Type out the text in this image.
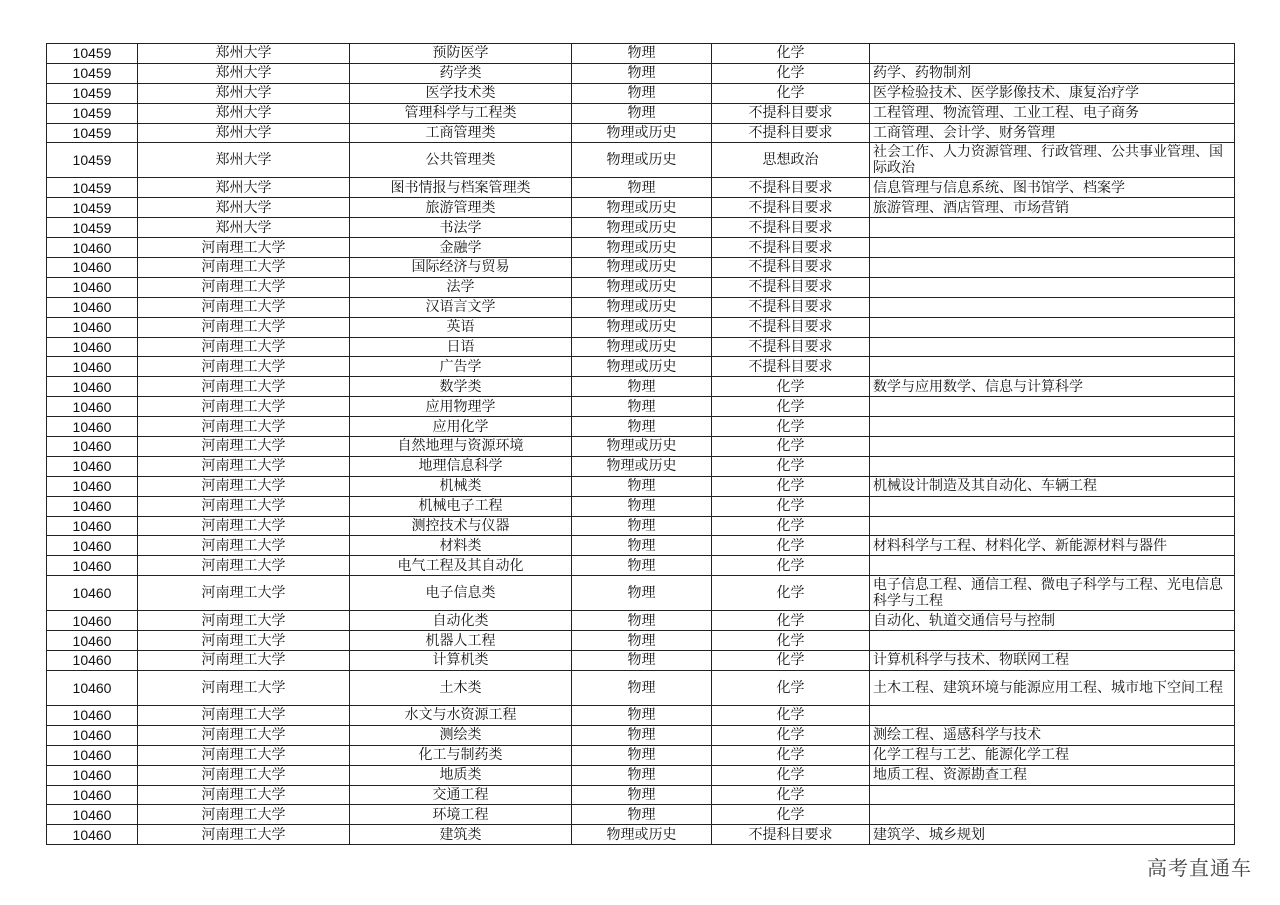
10459	郑州大学	预防医学	物理	化学	
10459	郑州大学	药学类	物理	化学	药学、药物制剂
10459	郑州大学	医学技术类	物理	化学	医学检验技术、医学影像技术、康复治疗学
10459	郑州大学	管理科学与工程类	物理	不提科目要求	工程管理、物流管理、工业工程、电子商务
10459	郑州大学	工商管理类	物理或历史	不提科目要求	工商管理、会计学、财务管理
10459	郑州大学	公共管理类	物理或历史	思想政治	社会工作、人力资源管理、行政管理、公共事业管理、国际政治
10459	郑州大学	图书情报与档案管理类	物理	不提科目要求	信息管理与信息系统、图书馆学、档案学
10459	郑州大学	旅游管理类	物理或历史	不提科目要求	旅游管理、酒店管理、市场营销
10459	郑州大学	书法学	物理或历史	不提科目要求	
10460	河南理工大学	金融学	物理或历史	不提科目要求	
10460	河南理工大学	国际经济与贸易	物理或历史	不提科目要求	
10460	河南理工大学	法学	物理或历史	不提科目要求	
10460	河南理工大学	汉语言文学	物理或历史	不提科目要求	
10460	河南理工大学	英语	物理或历史	不提科目要求	
10460	河南理工大学	日语	物理或历史	不提科目要求	
10460	河南理工大学	广告学	物理或历史	不提科目要求	
10460	河南理工大学	数学类	物理	化学	数学与应用数学、信息与计算科学
10460	河南理工大学	应用物理学	物理	化学	
10460	河南理工大学	应用化学	物理	化学	
10460	河南理工大学	自然地理与资源环境	物理或历史	化学	
10460	河南理工大学	地理信息科学	物理或历史	化学	
10460	河南理工大学	机械类	物理	化学	机械设计制造及其自动化、车辆工程
10460	河南理工大学	机械电子工程	物理	化学	
10460	河南理工大学	测控技术与仪器	物理	化学	
10460	河南理工大学	材料类	物理	化学	材料科学与工程、材料化学、新能源材料与器件
10460	河南理工大学	电气工程及其自动化	物理	化学	
10460	河南理工大学	电子信息类	物理	化学	电子信息工程、通信工程、微电子科学与工程、光电信息科学与工程
10460	河南理工大学	自动化类	物理	化学	自动化、轨道交通信号与控制
10460	河南理工大学	机器人工程	物理	化学	
10460	河南理工大学	计算机类	物理	化学	计算机科学与技术、物联网工程
10460	河南理工大学	土木类	物理	化学	土木工程、建筑环境与能源应用工程、城市地下空间工程
10460	河南理工大学	水文与水资源工程	物理	化学	
10460	河南理工大学	测绘类	物理	化学	测绘工程、遥感科学与技术
10460	河南理工大学	化工与制药类	物理	化学	化学工程与工艺、能源化学工程
10460	河南理工大学	地质类	物理	化学	地质工程、资源勘查工程
10460	河南理工大学	交通工程	物理	化学	
10460	河南理工大学	环境工程	物理	化学	
10460	河南理工大学	建筑类	物理或历史	不提科目要求	建筑学、城乡规划
高考直通车
